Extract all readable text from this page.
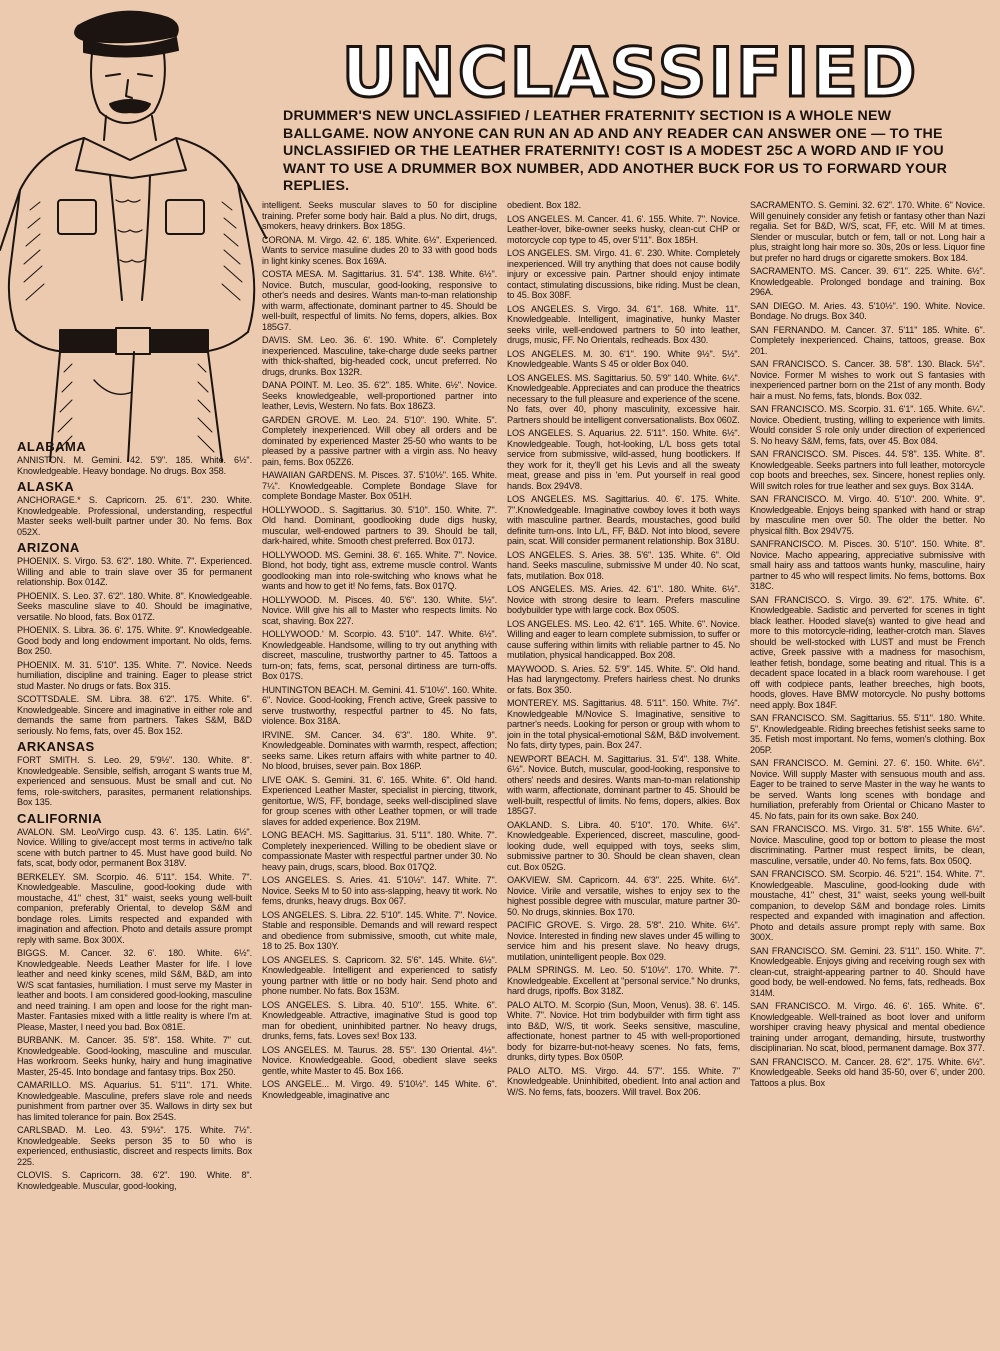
UNCLASSIFIED
DRUMMER'S NEW UNCLASSIFIED / LEATHER FRATERNITY SECTION IS A WHOLE NEW BALLGAME. NOW ANYONE CAN RUN AN AD AND ANY READER CAN ANSWER ONE — TO THE UNCLASSIFIED OR THE LEATHER FRATERNITY! COST IS A MODEST 25C A WORD AND IF YOU WANT TO USE A DRUMMER BOX NUMBER, ADD ANOTHER BUCK FOR US TO FORWARD YOUR REPLIES.
ALABAMA
ANNISTON. M. Gemini. 42. 5'9". 185. White. 6½". Knowledgeable. Heavy bondage. No drugs. Box 358.
ALASKA
ANCHORAGE.* S. Capricorn. 25. 6'1". 230. White. Knowledgeable. Professional, understanding, respectful Master seeks well-built partner under 30. No fems. Box 052X.
ARIZONA
PHOENIX. S. Virgo. 53. 6'2". 180. White. 7". Experienced. Willing and able to train slave over 35 for permanent relationship. Box 014Z.
PHOENIX. S. Leo. 37. 6'2". 180. White. 8". Knowledgeable. Seeks masculine slave to 40. Should be imaginative, versatile. No blood, fats. Box 017Z.
PHOENIX. S. Libra. 36. 6'. 175. White. 9". Knowledgeable. Good body and long endowment important. No olds, fems. Box 250.
PHOENIX. M. 31. 5'10". 135. White. 7". Novice. Needs humiliation, discipline and training. Eager to please strict stud Master. No drugs or fats. Box 315.
SCOTTSDALE. SM. Libra. 38. 6'2". 175. White. 6". Knowledgeable. Sincere and imaginative in either role and demands the same from partners. Takes S&M, B&D seriously. No fems, fats, over 45. Box 152.
ARKANSAS
FORT SMITH. S. Leo. 29, 5'9½". 130. White. 8". Knowledgeable. Sensible, selfish, arrogant S wants true M, experienced and sensuous. Must be small and cut. No fems, role-switchers, parasites, permanent relationships. Box 135.
CALIFORNIA
AVALON. SM. Leo/Virgo cusp. 43. 6'. 135. Latin. 6½". Novice. Willing to give/accept most terms in active/no talk scene with butch partner to 45. Must have good build. No fats, scat, body odor, permanent Box 318V.
BERKELEY. SM. Scorpio. 46. 5'11". 154. White. 7". Knowledgeable. Masculine, good-looking dude with moustache, 41" chest, 31" waist, seeks young well-built companion, preferably Oriental, to develop S&M and bondage roles. Limits respected and expanded with imagination and affection. Photo and details assure prompt reply with same. Box 300X.
BIGGS. M. Cancer. 32. 6'. 180. White. 6½". Knowledgeable. Needs Leather Master for life. I love leather and need kinky scenes, mild S&M, B&D, am into W/S scat fantasies, humiliation. I must serve my Master in leather and boots. I am considered good-looking, masculine and need training. I am open and loose for the right man-Master. Fantasies mixed with a little reality is where I'm at. Please, Master, I need you bad. Box 081E.
BURBANK. M. Cancer. 35. 5'8". 158. White. 7" cut. Knowledgeable. Good-looking, masculine and muscular. Has workroom. Seeks hunky, hairy and hung imaginative Master, 25-45. Into bondage and fantasy trips. Box 250.
CAMARILLO. MS. Aquarius. 51. 5'11". 171. White. Knowledgeable. Masculine, prefers slave role and needs punishment from partner over 35. Wallows in dirty sex but has limited tolerance for pain. Box 254S.
CARLSBAD. M. Leo. 43. 5'9½". 175. White. 7½". Knowledgeable. Seeks person 35 to 50 who is experienced, enthusiastic, discreet and respects limits. Box 225.
CLOVIS. S. Capricorn. 38. 6'2". 190. White. 8". Knowledgeable. Muscular, good-looking,
intelligent. Seeks muscular slaves to 50 for discipline training. Prefer some body hair. Bald a plus. No dirt, drugs, smokers, heavy drinkers. Box 185G.
CORONA. M. Virgo. 42. 6'. 185. White. 6½". Experienced. Wants to service masuline dudes 20 to 33 with good bods in light kinky scenes. Box 169A.
COSTA MESA. M. Sagittarius. 31. 5'4". 138. White. 6½". Novice. Butch, muscular, good-looking, responsive to other's needs and desires. Wants man-to-man relationship with warm, affectionate, dominant partner to 45. Should be well-built, respectful of limits. No fems, dopers, alkies. Box 185G7.
DAVIS. SM. Leo. 36. 6'. 190. White. 6". Completely inexperienced. Masculine, take-charge dude seeks partner with thick-shafted, big-headed cock, uncut preferred. No drugs, drunks. Box 132R.
DANA POINT. M. Leo. 35. 6'2". 185. White. 6½". Novice. Seeks knowledgeable, well-proportioned partner into leather, Levis, Western. No fats. Box 186Z3.
GARDEN GROVE. M. Leo. 24. 5'10". 190. White. 5". Completely inexperienced. Will obey all orders and be dominated by experienced Master 25-50 who wants to be pleased by a passive partner with a virgin ass. No heavy pain, fems. Box 05ZZ6.
HAWAIIAN GARDENS. M. Pisces. 37. 5'10½". 165. White. 7¼". Knowledgeable. Complete Bondage Slave for complete Bondage Master. Box 051H.
HOLLYWOOD.. S. Sagittarius. 30. 5'10". 150. White. 7". Old hand. Dominant, goodlooking dude digs husky, muscular, well-endowed partners to 39. Should be tall, dark-haired, white. Smooth chest preferred. Box 017J.
HOLLYWOOD. MS. Gemini. 38. 6'. 165. White. 7". Novice. Blond, hot body, tight ass, extreme muscle control. Wants goodlooking man into role-switching who knows what he wants and how to get it! No fems, fats. Box 017Q.
HOLLYWOOD. M. Pisces. 40. 5'6". 130. White. 5½". Novice. Will give his all to Master who respects limits. No scat, shaving. Box 227.
HOLLYWOOD.' M. Scorpio. 43. 5'10". 147. White. 6½". Knowledgeable. Handsome, willing to try out anything with discreet, masculine, trustworthy partner to 45. Tattoos a turn-on; fats, fems, scat, personal dirtiness are turn-offs. Box 017S.
HUNTINGTON BEACH. M. Gemini. 41. 5'10½". 160. White. 6". Novice. Good-looking, French active, Greek passive to serve trustworthy, respectful partner to 45. No fats, violence. Box 318A.
IRVINE. SM. Cancer. 34. 6'3". 180. White. 9". Knowledgeable. Dominates with warmth, respect, affection; seeks same. Likes return affairs with white partner to 40. No blood, bruises, sever pain. Box 186P.
LIVE OAK. S. Gemini. 31. 6'. 165. White. 6". Old hand. Experienced Leather Master, specialist in piercing, titwork, genitortue, W/S, FF, bondage, seeks well-disciplined slave for group scenes with other Leather topmen, or will trade slaves for added experience. Box 219M.
LONG BEACH. MS. Sagittarius. 31. 5'11". 180. White. 7". Completely inexperienced. Willing to be obedient slave or compassionate Master with respectful partner under 30. No heavy pain, drugs, scars, blood. Box 017Q2.
LOS ANGELES. S. Aries. 41. 5'10½". 147. White. 7". Novice. Seeks M to 50 into ass-slapping, heavy tit work. No fems, drunks, heavy drugs. Box 067.
LOS ANGELES. S. Libra. 22. 5'10". 145. White. 7". Novice. Stable and responsible. Demands and will reward respect and obedience from submissive, smooth, cut white male, 18 to 25. Box 130Y.
LOS ANGELES. S. Capricorn. 32. 5'6". 145. White. 6½". Knowledgeable. Intelligent and experienced to satisfy young partner with little or no body hair. Send photo and phone number. No fats. Box 153M.
LOS ANGELES. S. Libra. 40. 5'10". 155. White. 6". Knowledgeable. Attractive, imaginative Stud is good top man for obedient, uninhibited partner. No heavy drugs, drunks, fems, fats. Loves sex! Box 133.
LOS ANGELES. M. Taurus. 28. 5'5". 130 Oriental. 4½". Novice. Knowledgeable. Good, obedient slave seeks gentle, white Master to 45. Box 166.
LOS ANGELE... M. Virgo. 49. 5'10½". 145 White. 6". Knowledgeable, imaginative anc
obedient. Box 182.
LOS ANGELES. M. Cancer. 41. 6'. 155. White. 7". Novice. Leather-lover, bike-owner seeks husky, clean-cut CHP or motorcycle cop type to 45, over 5'11". Box 185H.
LOS ANGELES. SM. Virgo. 41. 6'. 230. White. Completely inexperienced. Will try anything that does not cause bodily injury or excessive pain. Partner should enjoy intimate contact, stimulating discussions, bike riding. Must be clean, to 45. Box 308F.
LOS ANGELES. S. Virgo. 34. 6'1". 168. White. 11". Knowledgeable. Intelligent, imaginative, hunky Master seeks virile, well-endowed partners to 50 into leather, drugs, music, FF. No Orientals, redheads. Box 430.
LOS ANGELES. M. 30. 6'1". 190. White 9½". 5½". Knowledgeable. Wants S 45 or older Box 040.
LOS ANGELES. MS. Sagittarius. 50. 5'9" 140. White. 6¼". Knowledgeable. Appreciates and can produce the theatrics necessary to the full pleasure and experience of the scene. No fats, over 40, phony masculinity, excessive hair. Partners should be intelligent conversationalists. Box 060Z.
LOS ANGELES. S. Aquarius. 22. 5'11". 150. White. 6½". Knowledgeable. Tough, hot-looking, L/L boss gets total service from submissive, wild-assed, hung bootlickers. If they work for it, they'll get his Levis and all the sweaty meat, grease and piss in 'em. Put yourself in real good hands. Box 294V8.
LOS ANGELES. MS. Sagittarius. 40. 6'. 175. White. 7".Knowledgeable. Imaginative cowboy loves it both ways with masculine partner. Beards, moustaches, good build definite turn-ons. Into L/L, FF, B&D. Not into blood, severe pain, scat. Will consider permanent relationship. Box 318U.
LOS ANGELES. S. Aries. 38. 5'6". 135. White. 6". Old hand. Seeks masculine, submissive M under 40. No scat, fats, mutilation. Box 018.
LOS ANGELES. MS. Aries. 42. 6'1". 180. White. 6½". Novice with strong desire to learn. Prefers masculine bodybuilder type with large cock. Box 050S.
LOS ANGELES. MS. Leo. 42. 6'1". 165. White. 6". Novice. Willing and eager to learn complete submission, to suffer or cause suffering within limits with reliable partner to 45. No mutilation, physical handicapped. Box 208.
MAYWOOD. S. Aries. 52. 5'9". 145. White. 5". Old hand. Has had laryngectomy. Prefers hairless chest. No drunks or fats. Box 350.
MONTEREY. MS. Sagittarius. 48. 5'11". 150. White. 7½". Knowledgeable M/Novice S. Imaginative, sensitive to partner's needs. Looking for person or group with whom to join in the total physical-emotional S&M, B&D involvement. No fats, dirty types, pain. Box 247.
NEWPORT BEACH. M. Sagittarius. 31. 5'4". 138. White. 6½". Novice. Butch, muscular, good-looking, responsive to others' needs and desires. Wants man-to-man relationship with warm, affectionate, dominant partner to 45. Should be well-built, respectful of limits. No fems, dopers, alkies. Box 185G7.
OAKLAND. S. Libra. 40. 5'10". 170. White. 6½". Knowledgeable. Experienced, discreet, masculine, good-looking dude, well equipped with toys, seeks slim, submissive partner to 30. Should be clean shaven, clean cut. Box 052G.
OAKVIEW. SM. Capricorn. 44. 6'3". 225. White. 6½". Novice. Virile and versatile, wishes to enjoy sex to the highest possible degree with muscular, mature partner 30-50. No drugs, skinnies. Box 170.
PACIFIC GROVE. S. Virgo. 28. 5'8". 210. White. 6½". Novice. Interested in finding new slaves under 45 willing to service him and his present slave. No heavy drugs, mutilation, unintelligent people. Box 029.
PALM SPRINGS. M. Leo. 50. 5'10½". 170. White. 7". Knowledgeable. Excellent at "personal service." No drunks, hard drugs, ripoffs. Box 318Z.
PALO ALTO. M. Scorpio (Sun, Moon, Venus). 38. 6'. 145. White. 7". Novice. Hot trim bodybuilder with firm tight ass into B&D, W/S, tit work. Seeks sensitive, masculine, affectionate, honest partner to 45 with well-proportioned body for bizarre-but-not-heavy scenes. No fats, fems, drunks, dirty types. Box 050P.
PALO ALTO. MS. Virgo. 44. 5'7". 155. White. 7" Knowledgeable. Uninhibited, obedient. Into anal action and W/S. No fems, fats, boozers. Will travel. Box 206.
SACRAMENTO. S. Gemini. 32. 6'2". 170. White. 6" Novice. Will genuinely consider any fetish or fantasy other than Nazi regalia. Set for B&D, W/S, scat, FF, etc. Will M at times. Slender or muscular, butch or fem, tall or not. Long hair a plus, straight long hair more so. 30s, 20s or less. Liquor fine but prefer no hard drugs or cigarette smokers. Box 184.
SACRAMENTO. MS. Cancer. 39. 6'1". 225. White. 6½". Knowledgeable. Prolonged bondage and training. Box 296A.
SAN DIEGO. M. Aries. 43. 5'10½". 190. White. Novice. Bondage. No drugs. Box 340.
SAN FERNANDO. M. Cancer. 37. 5'11" 185. White. 6". Completely inexperienced. Chains, tattoos, grease. Box 201.
SAN FRANCISCO. S. Cancer. 38. 5'8". 130. Black. 5½". Novice. Former M wishes to work out S fantasies with inexperienced partner born on the 21st of any month. Body hair a must. No fems, fats, blonds. Box 032.
SAN FRANCISCO. MS. Scorpio. 31. 6'1". 165. White. 6¼". Novice. Obedient, trusting, willing to experience with limits. Would consider S role only under direction of experienced S. No heavy S&M, fems, fats, over 45. Box 084.
SAN FRANCISCO. SM. Pisces. 44. 5'8". 135. White. 8". Knowledgeable. Seeks partners into full leather, motorcycle cop boots and breeches, sex. Sincere, honest replies only. Will switch roles for true leather and sex guys. Box 314A.
SAN FRANCISCO. M. Virgo. 40. 5'10". 200. White. 9". Knowledgeable. Enjoys being spanked with hand or strap by masculine men over 50. The older the better. No physical filth. Box 294V75.
SANFRANCISCO. M. Pisces. 30. 5'10". 150. White. 8". Novice. Macho appearing, appreciative submissive with small hairy ass and tattoos wants hunky, masculine, hairy partner to 45 who will respect limits. No fems, bottoms. Box 318C.
SAN FRANCISCO. S. Virgo. 39. 6'2". 175. White. 6". Knowledgeable. Sadistic and perverted for scenes in tight black leather. Hooded slave(s) wanted to give head and more to this motorcycle-riding, leather-crotch man. Slaves should be well-stocked with LUST and must be French active, Greek passive with a madness for masochism, leather fetish, bondage, some beating and ritual. This is a decadent space located in a black room warehouse. I get off with codpiece pants, leather breeches, high boots, hoods, gloves. Have BMW motorcycle. No pushy bottoms need apply. Box 184F.
SAN FRANCISCO. SM. Sagittarius. 55. 5'11". 180. White. 5". Knowledgeable. Riding breeches fetishist seeks same to 35. Fetish most important. No fems, women's clothing. Box 205P.
SAN FRANCISCO. M. Gemini. 27. 6'. 150. White. 6½". Novice. Will supply Master with sensuous mouth and ass. Eager to be trained to serve Master in the way he wants to be served. Wants long scenes with bondage and humiliation, preferably from Oriental or Chicano Master to 45. No fats, pain for its own sake. Box 240.
SAN FRANCISCO. MS. Virgo. 31. 5'8". 155 White. 6½". Novice. Masculine, good top or bottom to please the most discriminating. Partner must respect limits, be clean, masculine, versatile, under 40. No fems, fats. Box 050Q.
SAN FRANCISCO. SM. Scorpio. 46. 5'21". 154. White. 7". Knowledgeable. Masculine, good-looking dude with moustache, 41" chest, 31" waist, seeks young well-built companion, to develop S&M and bondage roles. Limits respected and expanded with imagination and affection. Photo and details assure prompt reply with same. Box 300X.
SAN FRANCISCO. SM. Gemini. 23. 5'11". 150. White. 7". Knowledgeable. Enjoys giving and receiving rough sex with clean-cut, straight-appearing partner to 40. Should have good body, be well-endowed. No fems, fats, redheads. Box 314M.
SAN FRANCISCO. M. Virgo. 46. 6'. 165. White. 6". Knowledgeable. Well-trained as boot lover and uniform worshiper craving heavy physical and mental obedience training under arrogant, demanding, hirsute, trustworthy disciplinarian. No scat, blood, permanent damage. Box 377.
SAN FRANCISCO. M. Cancer. 28. 6'2". 175. White. 6½". Knowledgeable. Seeks old hand 35-50, over 6', under 200. Tattoos a plus. Box
